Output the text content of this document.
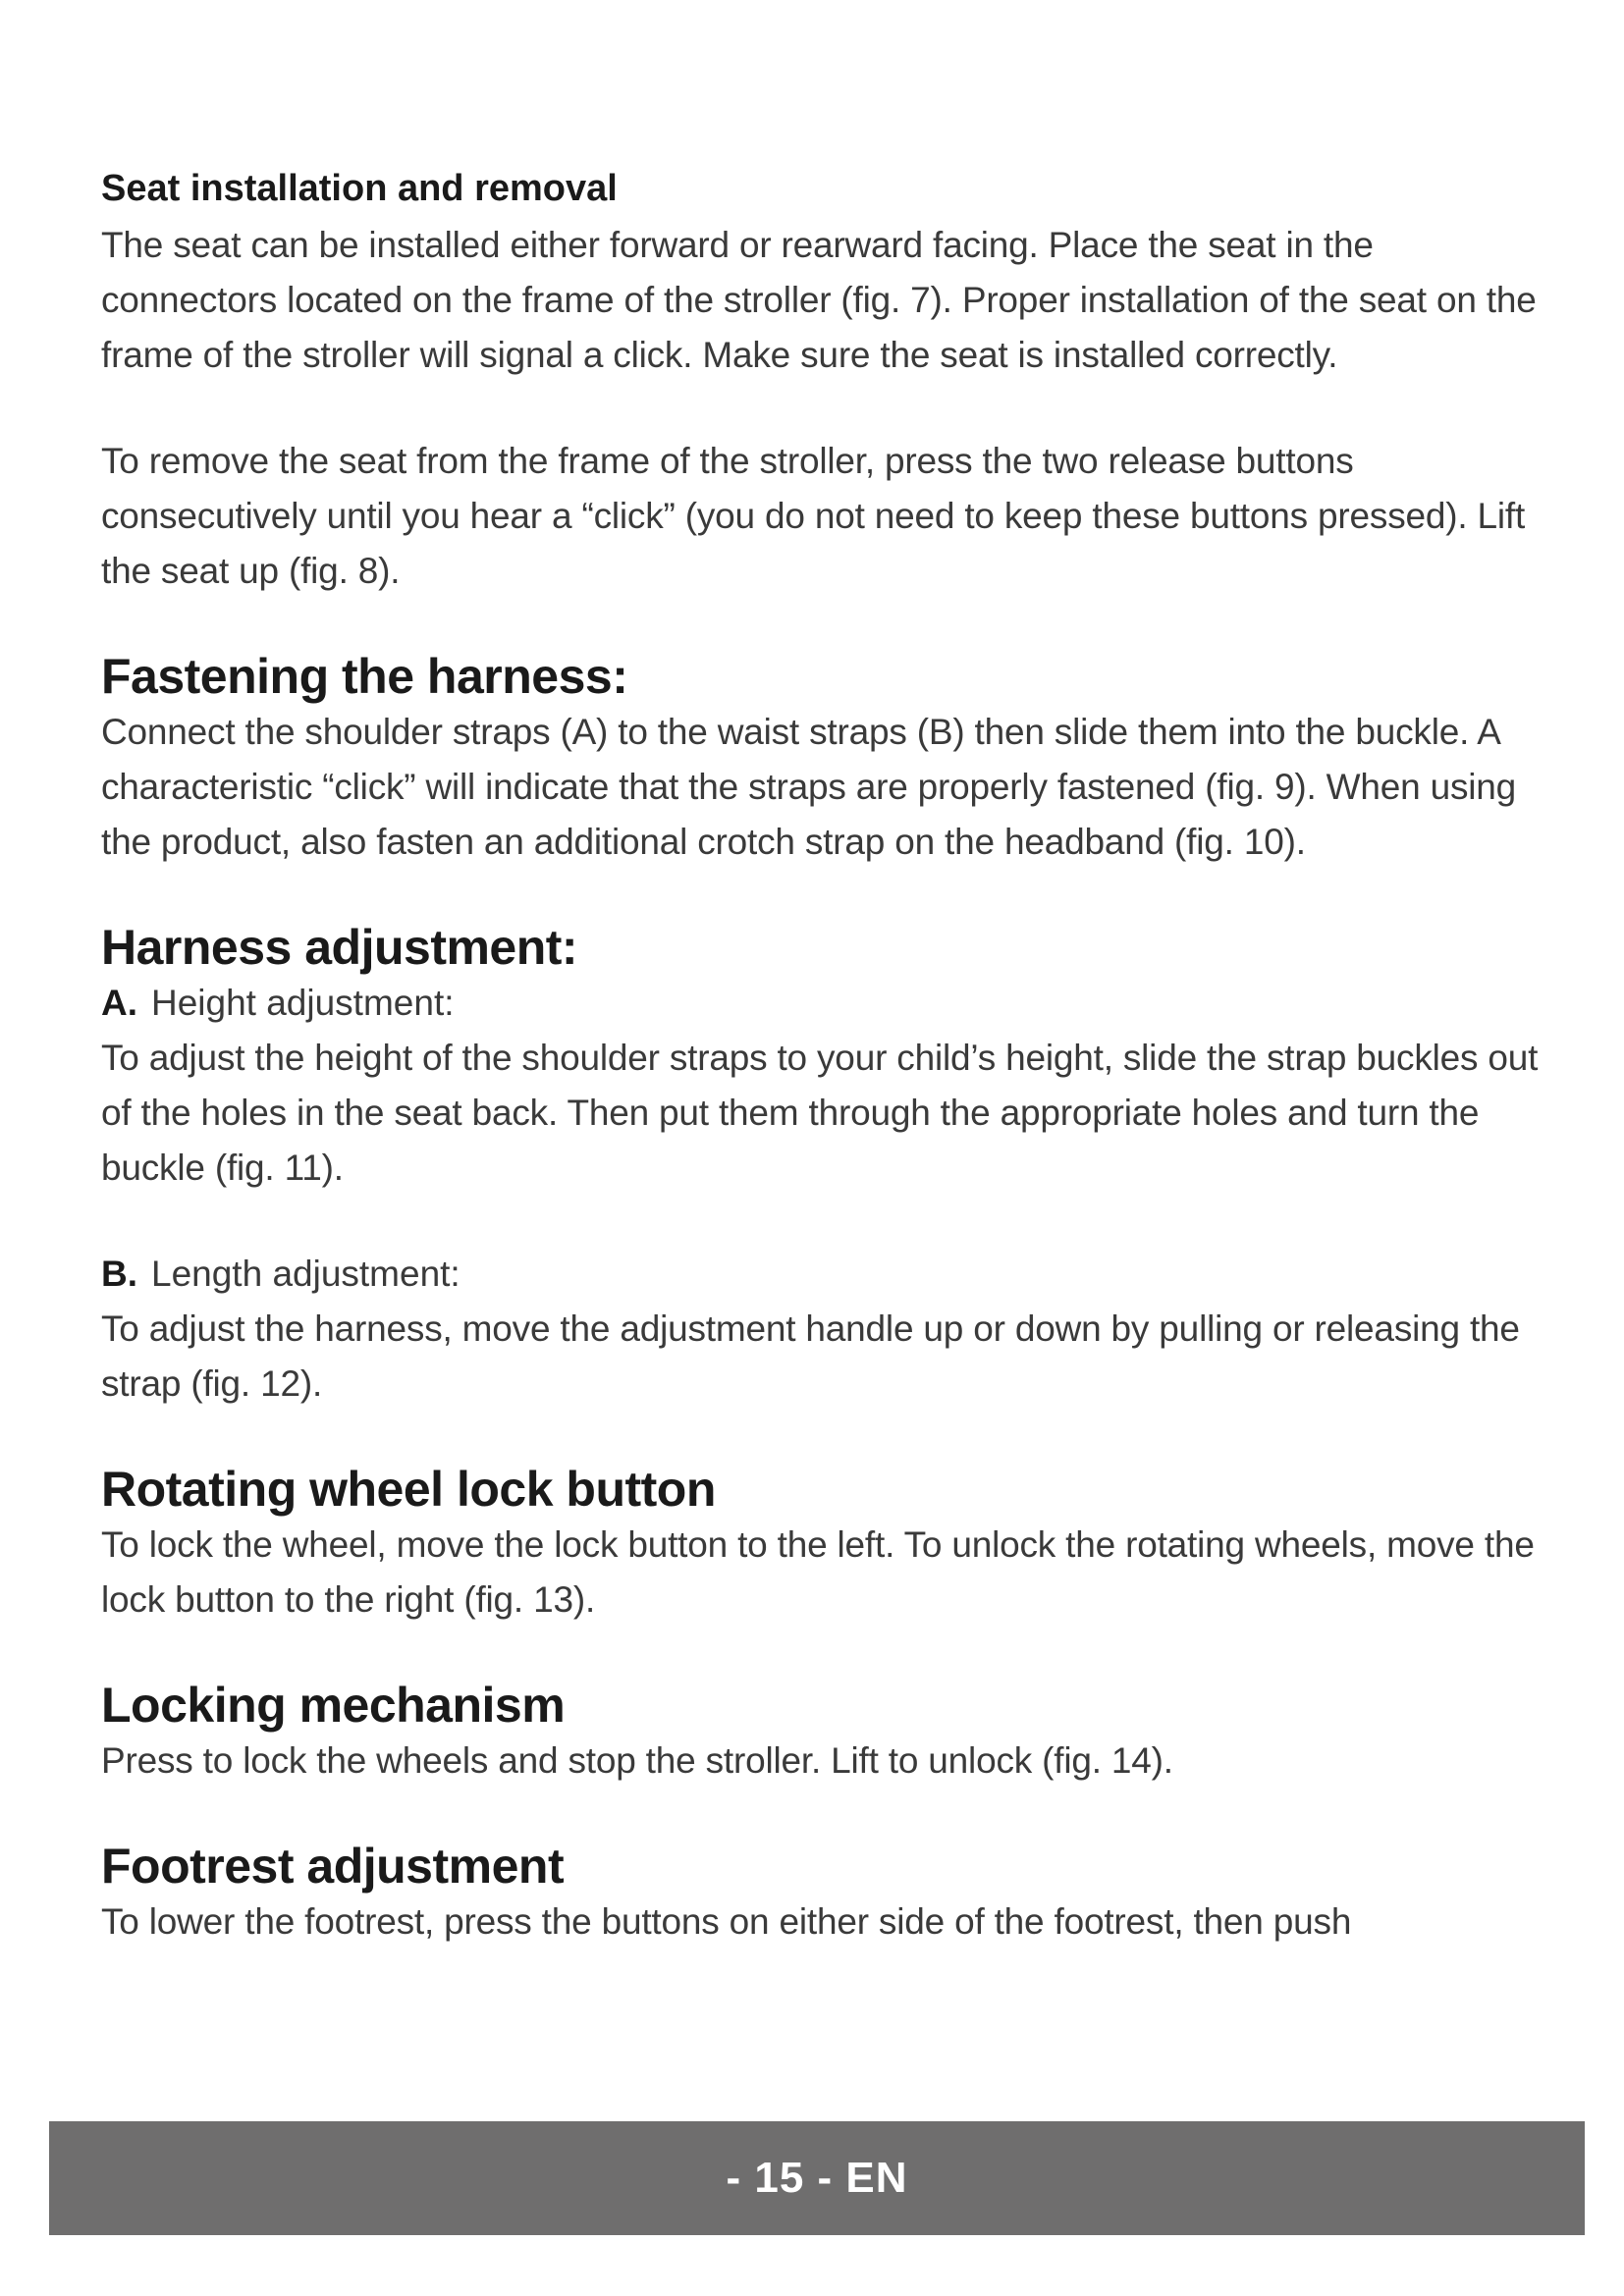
Seat installation and removal

The seat can be installed either forward or rearward facing. Place the seat in the connectors located on the frame of the stroller (fig. 7). Proper installation of the seat on the frame of the stroller will signal a click. Make sure the seat is installed correctly.

To remove the seat from the frame of the stroller, press the two release buttons consecutively until you hear a “click” (you do not need to keep these buttons pressed). Lift the seat up (fig. 8).

Fastening the harness:

Connect the shoulder straps (A) to the waist straps (B) then slide them into the buckle. A characteristic “click” will indicate that the straps are properly fastened (fig. 9). When using the product, also fasten an additional crotch strap on the headband (fig. 10).

Harness adjustment:

A. Height adjustment:

To adjust the height of the shoulder straps to your child’s height, slide the strap buckles out of the holes in the seat back. Then put them through the appropriate holes and turn the buckle (fig. 11).

B. Length adjustment:

To adjust the harness, move the adjustment handle up or down by pulling or releasing the strap (fig. 12).

Rotating wheel lock button

To lock the wheel, move the lock button to the left. To unlock the rotating wheels, move the lock button to the right (fig. 13).

Locking mechanism

Press to lock the wheels and stop the stroller. Lift to unlock (fig. 14).

Footrest adjustment

To lower the footrest, press the buttons on either side of the footrest, then push

- 15 - EN
